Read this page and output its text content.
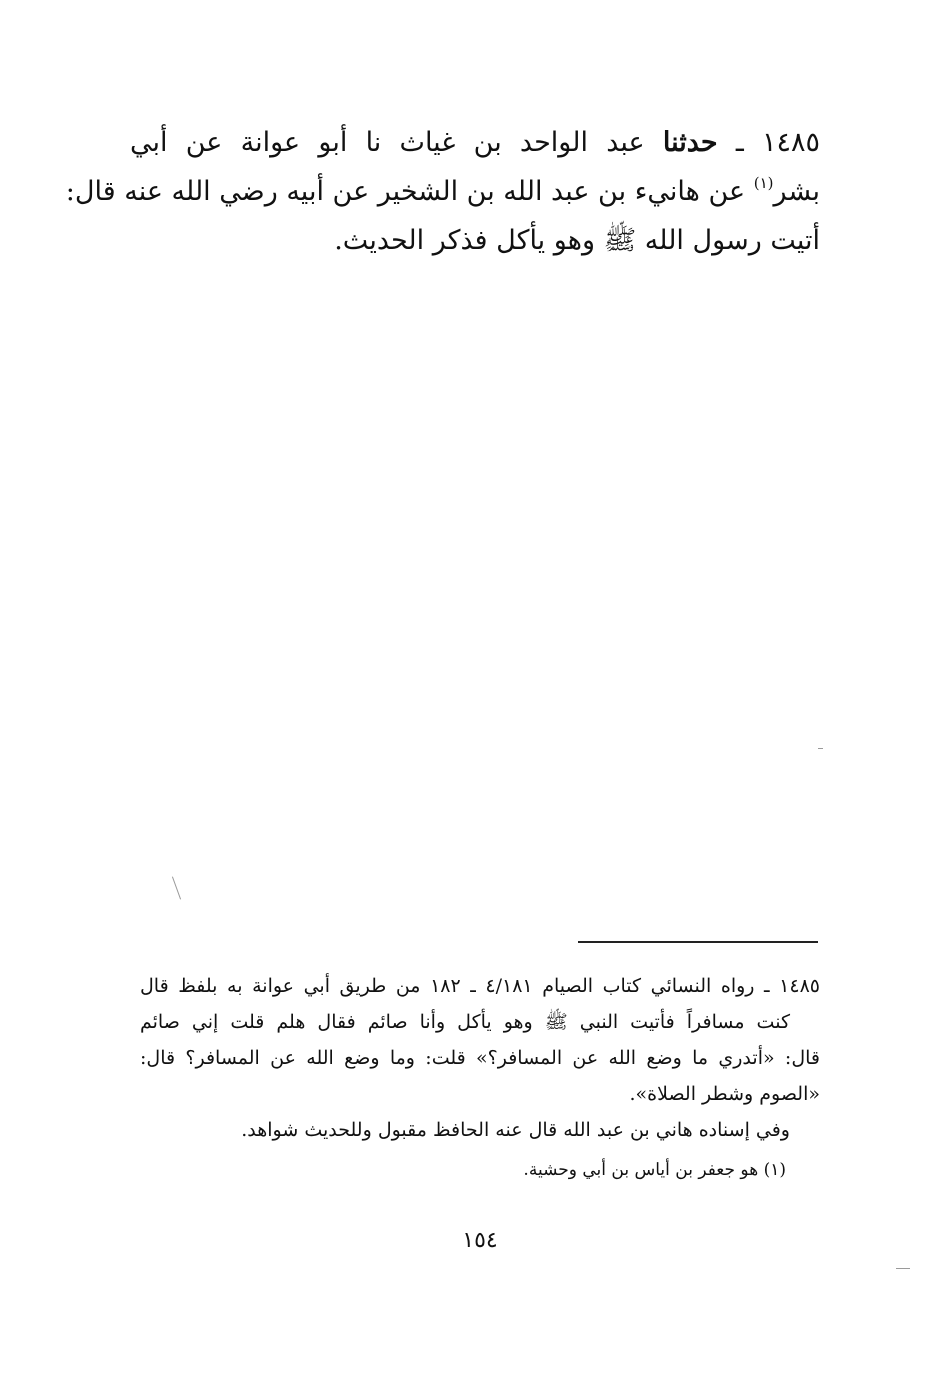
١٤٨٥ ـ حدثنا عبد الواحد بن غياث نا أبو عوانة عن أبي
بشر$^{(١)}$ عن هانيء بن عبد الله بن الشخير عن أبيه رضي الله عنه قال:
أتيت رسول الله ﷺ وهو يأكل فذكر الحديث.
١٤٨٥ ـ رواه النسائي كتاب الصيام ٤/١٨١ ـ ١٨٢ من طريق أبي عوانة به بلفظ قال
كنت مسافراً فأتيت النبي ﷺ وهو يأكل وأنا صائم فقال هلم قلت إني صائم
قال: «أتدري ما وضع الله عن المسافر؟» قلت: وما وضع الله عن المسافر؟ قال:
«الصوم وشطر الصلاة».
وفي إسناده هاني بن عبد الله قال عنه الحافظ مقبول وللحديث شواهد.
(١) هو جعفر بن أياس بن أبي وحشية.
١٥٤
